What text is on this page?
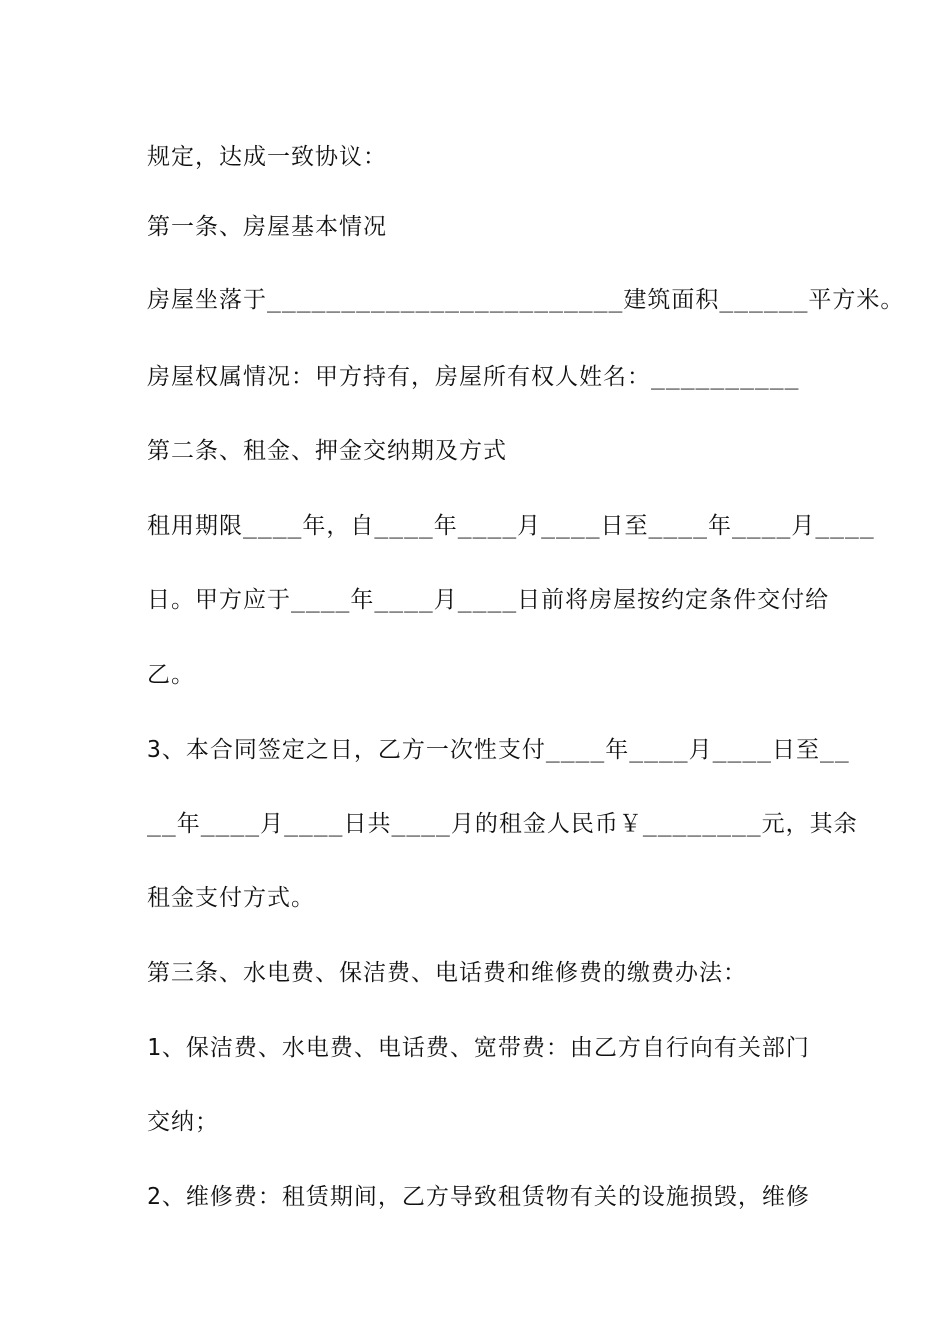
规定，达成一致协议：

第一条、房屋基本情况

房屋坐落于________________________建筑面积______平方米。

房屋权属情况：甲方持有，房屋所有权人姓名：__________

第二条、租金、押金交纳期及方式

租用期限____年，自____年____月____日至____年____月____

日。甲方应于____年____月____日前将房屋按约定条件交付给

乙。

3、本合同签定之日，乙方一次性支付____年____月____日至__

__年____月____日共____月的租金人民币￥________元，其余

租金支付方式。

第三条、水电费、保洁费、电话费和维修费的缴费办法：

1、保洁费、水电费、电话费、宽带费：由乙方自行向有关部门

交纳；

2、维修费：租赁期间，乙方导致租赁物有关的设施损毁，维修
